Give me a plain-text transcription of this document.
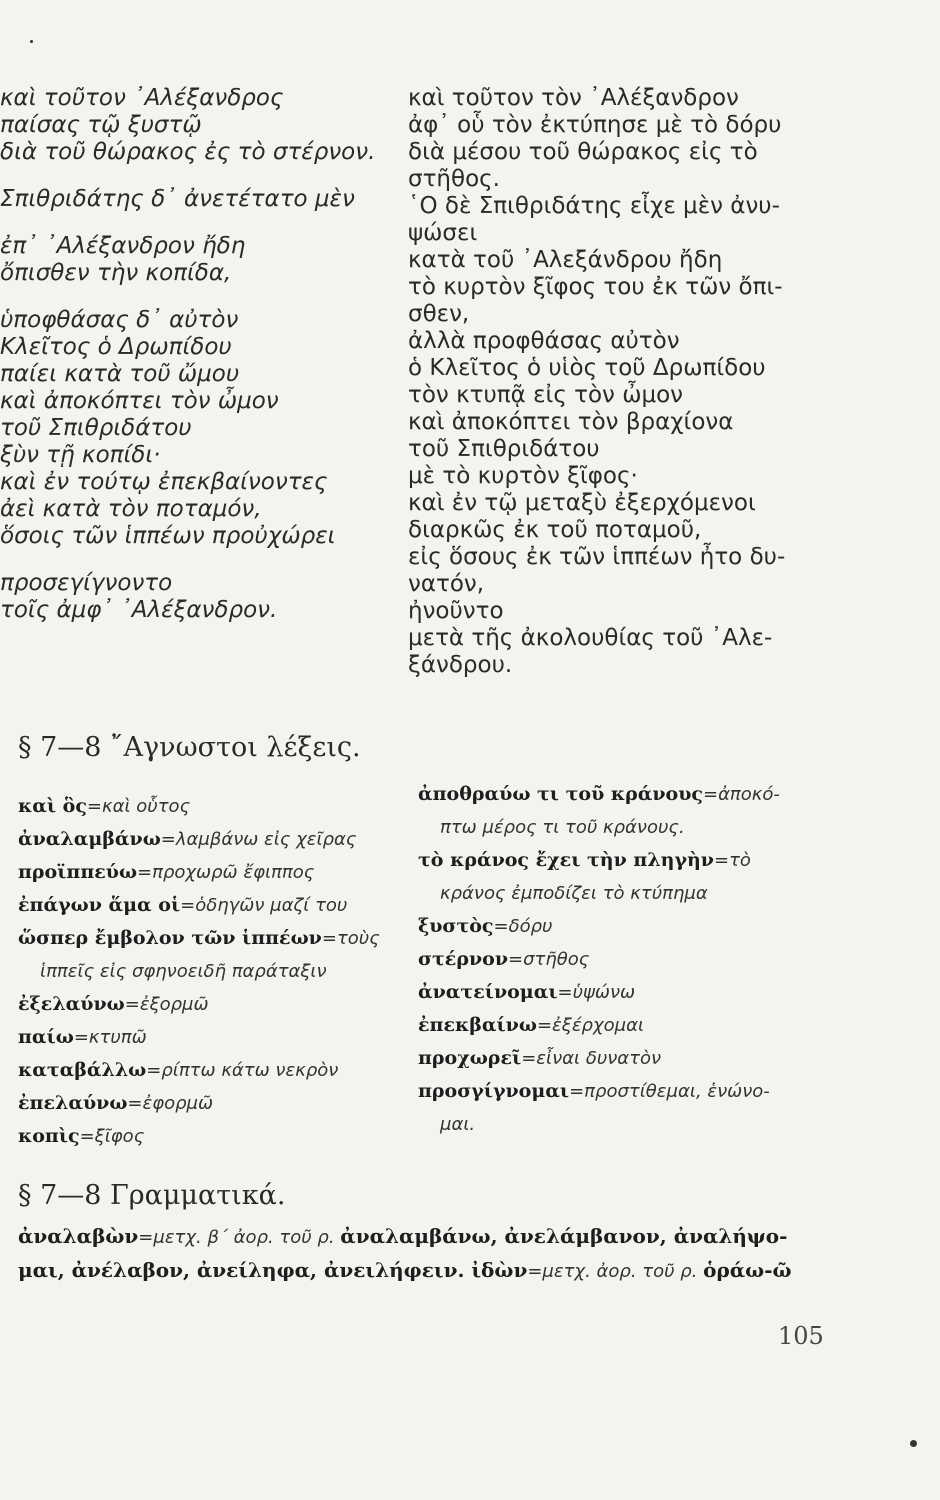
καὶ τοῦτον ᾿Αλέξανδρος
παίσας τῷ ξυστῷ
διὰ τοῦ θώρακος ἐς τὸ στέρνον.
Σπιθριδάτης δ᾿ ἀνετέτατο μὲν
ἐπ᾿ ᾿Αλέξανδρον ἤδη
ὄπισθεν τὴν κοπίδα,
ὑποφθάσας δ᾿ αὐτὸν
Κλεῖτος ὁ Δρωπίδου
παίει κατὰ τοῦ ὤμου
καὶ ἀποκόπτει τὸν ὦμον
τοῦ Σπιθριδάτου
ξὺν τῇ κοπίδι·
καὶ ἐν τούτῳ ἐπεκβαίνοντες
ἀεὶ κατὰ τὸν ποταμόν,
ὅσοις τῶν ἱππέων προὐχώρει
προσεγίγνοντο
τοῖς ἀμφ᾿ ᾿Αλέξανδρον.
καὶ τοῦτον τὸν ᾿Αλέξανδρον
ἀφ᾿ οὗ τὸν ἐκτύπησε μὲ τὸ δόρυ
διὰ μέσου τοῦ θώρακος εἰς τὸ
στῆθος.
῾Ο δὲ Σπιθριδάτης εἶχε μὲν ἀνυ-
ψώσει
κατὰ τοῦ ᾿Αλεξάνδρου ἤδη
τὸ κυρτὸν ξῖφος του ἐκ τῶν ὄπι-
σθεν,
ἀλλὰ προφθάσας αὐτὸν
ὁ Κλεῖτος ὁ υἱὸς τοῦ Δρωπίδου
τὸν κτυπᾷ εἰς τὸν ὦμον
καὶ ἀποκόπτει τὸν βραχίονα
τοῦ Σπιθριδάτου
μὲ τὸ κυρτὸν ξῖφος·
καὶ ἐν τῷ μεταξὺ ἐξερχόμενοι
διαρκῶς ἐκ τοῦ ποταμοῦ,
εἰς ὅσους ἐκ τῶν ἱππέων ἦτο δυ-
νατόν,
ἠνοῦντο
μετὰ τῆς ἀκολουθίας τοῦ ᾿Αλε-
ξάνδρου.
§ 7—8 ῎Αγνωστοι λέξεις.
καὶ ὃς=καὶ οὗτος
ἀναλαμβάνω=λαμβάνω εἰς χεῖρας
προϊππεύω=προχωρῶ ἔφιππος
ἐπάγων ἅμα οἱ=ὁδηγῶν μαζί του
ὥσπερ ἔμβολον τῶν ἱππέων=τοὺς
ἱππεῖς εἰς σφηνοειδῆ παράταξιν
ἐξελαύνω=ἐξορμῶ
παίω=κτυπῶ
καταβάλλω=ρίπτω κάτω νεκρὸν
ἐπελαύνω=ἐφορμῶ
κοπὶς=ξῖφος
ἀποθραύω τι τοῦ κράνους=ἀποκό-
πτω μέρος τι τοῦ κράνους.
τὸ κράνος ἔχει τὴν πληγὴν=τὸ
κράνος ἐμποδίζει τὸ κτύπημα
ξυστὸς=δόρυ
στέρνον=στῆθος
ἀνατείνομαι=ὑψώνω
ἐπεκβαίνω=ἐξέρχομαι
προχωρεῖ=εἶναι δυνατὸν
προσγίγνομαι=προστίθεμαι, ἑνώνο-
μαι.
§ 7—8 Γραμματικά.
ἀναλαβὼν=μετχ. β´ ἀορ. τοῦ ρ. ἀναλαμβάνω, ἀνελάμβανον, ἀναλήψο-
μαι, ἀνέλαβον, ἀνείληφα, ἀνειλήφειν. ἰδὼν=μετχ. ἀορ. τοῦ ρ. ὁράω-ῶ
105
